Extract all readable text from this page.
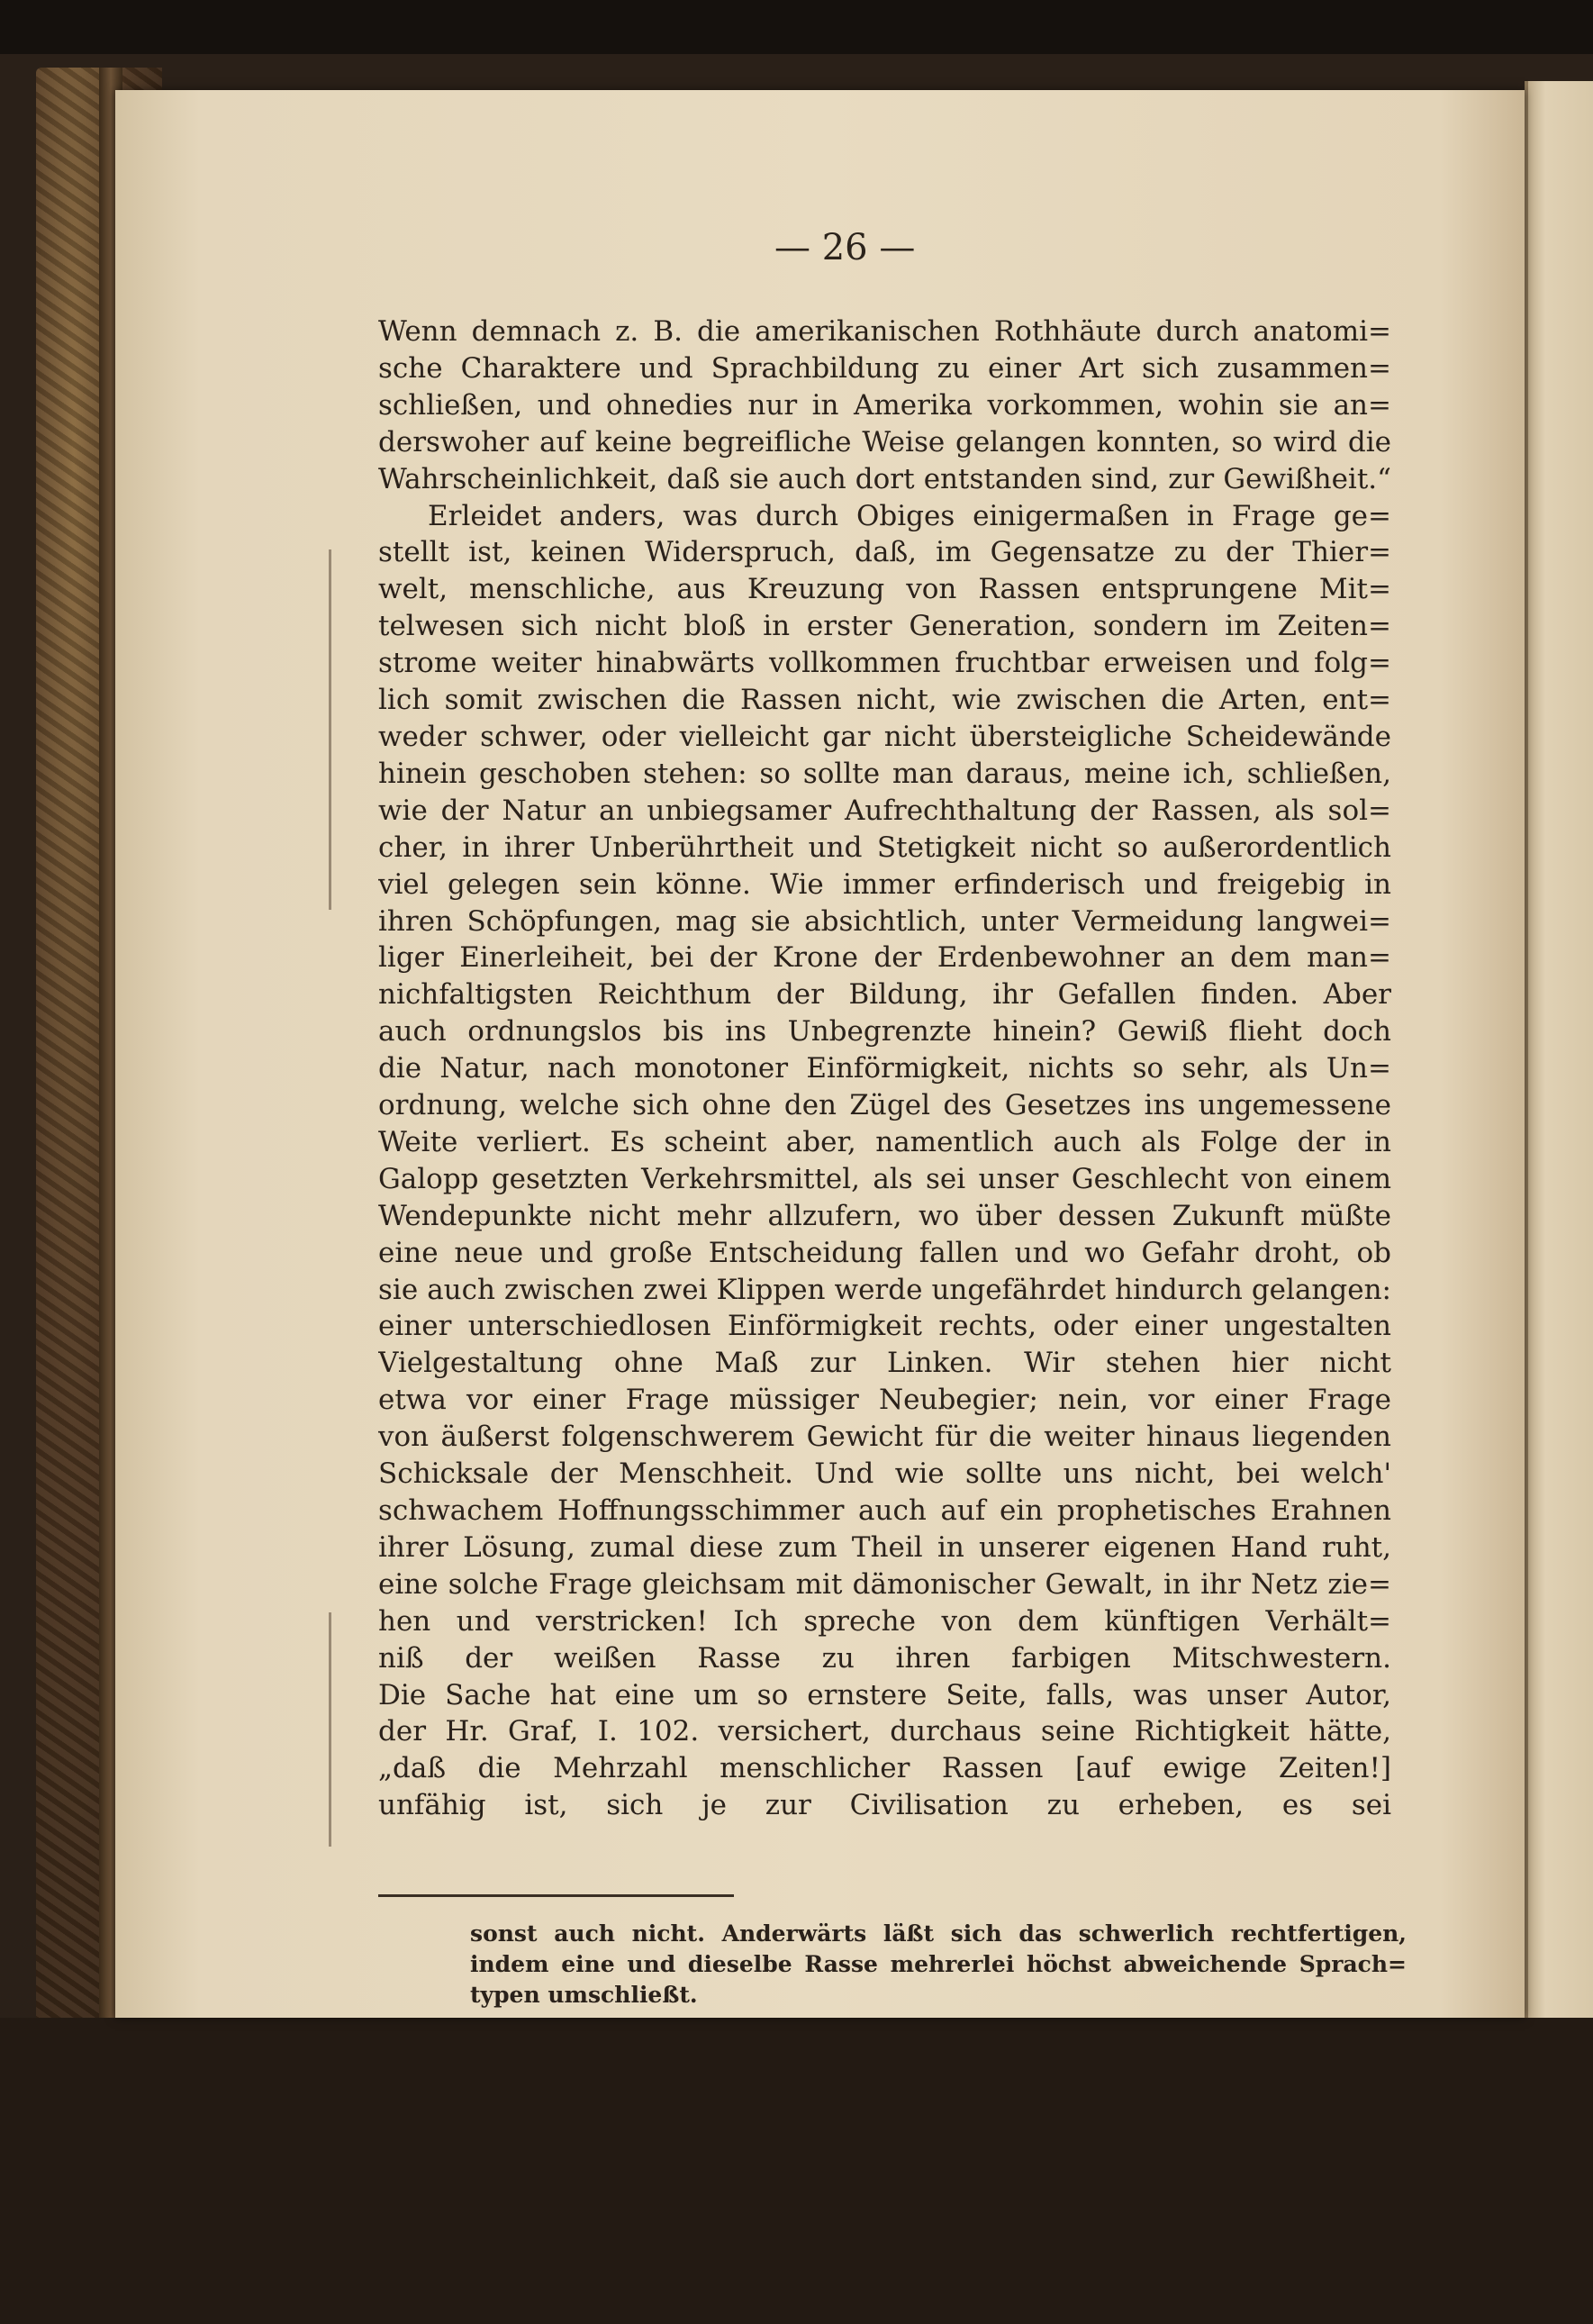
— 26 —
Wenn demnach z. B. die amerikanischen Rothhäute durch anatomi=
sche Charaktere und Sprachbildung zu einer Art sich zusammen=
schließen, und ohnedies nur in Amerika vorkommen, wohin sie an=
derswoher auf keine begreifliche Weise gelangen konnten, so wird die
Wahrscheinlichkeit, daß sie auch dort entstanden sind, zur Gewißheit.“
Erleidet anders, was durch Obiges einigermaßen in Frage ge=
stellt ist, keinen Widerspruch, daß, im Gegensatze zu der Thier=
welt, menschliche, aus Kreuzung von Rassen entsprungene Mit=
telwesen sich nicht bloß in erster Generation, sondern im Zeiten=
strome weiter hinabwärts vollkommen fruchtbar erweisen und folg=
lich somit zwischen die Rassen nicht, wie zwischen die Arten, ent=
weder schwer, oder vielleicht gar nicht übersteigliche Scheidewände
hinein geschoben stehen: so sollte man daraus, meine ich, schließen,
wie der Natur an unbiegsamer Aufrechthaltung der Rassen, als sol=
cher, in ihrer Unberührtheit und Stetigkeit nicht so außerordentlich
viel gelegen sein könne. Wie immer erfinderisch und freigebig in
ihren Schöpfungen, mag sie absichtlich, unter Vermeidung langwei=
liger Einerleiheit, bei der Krone der Erdenbewohner an dem man=
nichfaltigsten Reichthum der Bildung, ihr Gefallen finden. Aber
auch ordnungslos bis ins Unbegrenzte hinein? Gewiß flieht doch
die Natur, nach monotoner Einförmigkeit, nichts so sehr, als Un=
ordnung, welche sich ohne den Zügel des Gesetzes ins ungemessene
Weite verliert. Es scheint aber, namentlich auch als Folge der in
Galopp gesetzten Verkehrsmittel, als sei unser Geschlecht von einem
Wendepunkte nicht mehr allzufern, wo über dessen Zukunft müßte
eine neue und große Entscheidung fallen und wo Gefahr droht, ob
sie auch zwischen zwei Klippen werde ungefährdet hindurch gelangen:
einer unterschiedlosen Einförmigkeit rechts, oder einer ungestalten
Vielgestaltung ohne Maß zur Linken. Wir stehen hier nicht
etwa vor einer Frage müssiger Neubegier; nein, vor einer Frage
von äußerst folgenschwerem Gewicht für die weiter hinaus liegenden
Schicksale der Menschheit. Und wie sollte uns nicht, bei welch'
schwachem Hoffnungsschimmer auch auf ein prophetisches Erahnen
ihrer Lösung, zumal diese zum Theil in unserer eigenen Hand ruht,
eine solche Frage gleichsam mit dämonischer Gewalt, in ihr Netz zie=
hen und verstricken! Ich spreche von dem künftigen Verhält=
niß der weißen Rasse zu ihren farbigen Mitschwestern.
Die Sache hat eine um so ernstere Seite, falls, was unser Autor,
der Hr. Graf, I. 102. versichert, durchaus seine Richtigkeit hätte,
„daß die Mehrzahl menschlicher Rassen [auf ewige Zeiten!]
unfähig ist, sich je zur Civilisation zu erheben, es sei
sonst auch nicht. Anderwärts läßt sich das schwerlich rechtfertigen,
indem eine und dieselbe Rasse mehrerlei höchst abweichende Sprach=
typen umschließt.
